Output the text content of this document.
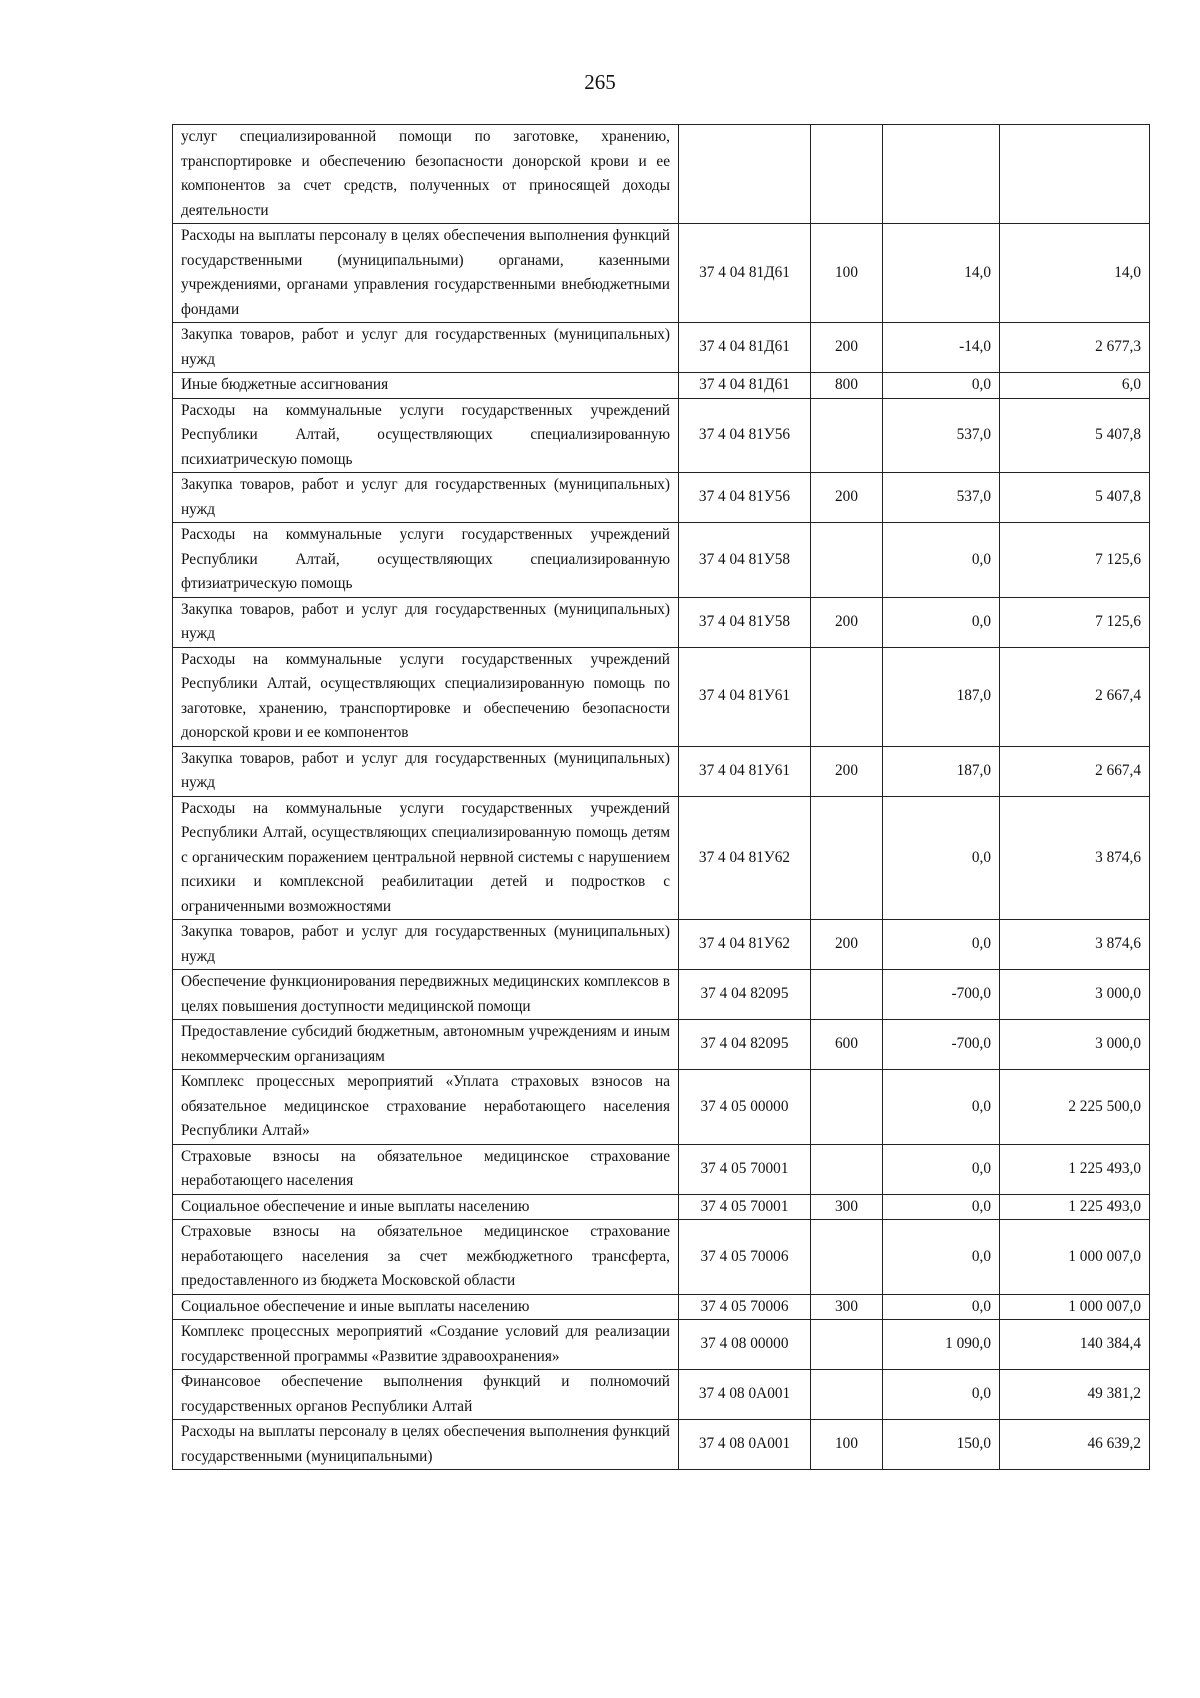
265
услуг специализированной помощи по заготовке, хранению, транспортировке и обеспечению безопасности донорской крови и ее компонентов за счет средств, полученных от приносящей доходы деятельности				
Расходы на выплаты персоналу в целях обеспечения выполнения функций государственными (муниципальными) органами, казенными учреждениями, органами управления государственными внебюджетными фондами	37 4 04 81Д61	100	14,0	14,0
Закупка товаров, работ и услуг для государственных (муниципальных) нужд	37 4 04 81Д61	200	-14,0	2 677,3
Иные бюджетные ассигнования	37 4 04 81Д61	800	0,0	6,0
Расходы на коммунальные услуги государственных учреждений Республики Алтай, осуществляющих специализированную психиатрическую помощь	37 4 04 81У56		537,0	5 407,8
Закупка товаров, работ и услуг для государственных (муниципальных) нужд	37 4 04 81У56	200	537,0	5 407,8
Расходы на коммунальные услуги государственных учреждений Республики Алтай, осуществляющих специализированную фтизиатрическую помощь	37 4 04 81У58		0,0	7 125,6
Закупка товаров, работ и услуг для государственных (муниципальных) нужд	37 4 04 81У58	200	0,0	7 125,6
Расходы на коммунальные услуги государственных учреждений Республики Алтай, осуществляющих специализированную помощь по заготовке, хранению, транспортировке и обеспечению безопасности донорской крови и ее компонентов	37 4 04 81У61		187,0	2 667,4
Закупка товаров, работ и услуг для государственных (муниципальных) нужд	37 4 04 81У61	200	187,0	2 667,4
Расходы на коммунальные услуги государственных учреждений Республики Алтай, осуществляющих специализированную помощь детям с органическим поражением центральной нервной системы с нарушением психики и комплексной реабилитации детей и подростков с ограниченными возможностями	37 4 04 81У62		0,0	3 874,6
Закупка товаров, работ и услуг для государственных (муниципальных) нужд	37 4 04 81У62	200	0,0	3 874,6
Обеспечение функционирования передвижных медицинских комплексов в целях повышения доступности медицинской помощи	37 4 04 82095		-700,0	3 000,0
Предоставление субсидий бюджетным, автономным учреждениям и иным некоммерческим организациям	37 4 04 82095	600	-700,0	3 000,0
Комплекс процессных мероприятий «Уплата страховых взносов на обязательное медицинское страхование неработающего населения Республики Алтай»	37 4 05 00000		0,0	2 225 500,0
Страховые взносы на обязательное медицинское страхование неработающего населения	37 4 05 70001		0,0	1 225 493,0
Социальное обеспечение и иные выплаты населению	37 4 05 70001	300	0,0	1 225 493,0
Страховые взносы на обязательное медицинское страхование неработающего населения за счет межбюджетного трансферта, предоставленного из бюджета Московской области	37 4 05 70006		0,0	1 000 007,0
Социальное обеспечение и иные выплаты населению	37 4 05 70006	300	0,0	1 000 007,0
Комплекс процессных мероприятий «Создание условий для реализации государственной программы «Развитие здравоохранения»	37 4 08 00000		1 090,0	140 384,4
Финансовое обеспечение выполнения функций и полномочий государственных органов Республики Алтай	37 4 08 0А001		0,0	49 381,2
Расходы на выплаты персоналу в целях обеспечения выполнения функций государственными (муниципальными)	37 4 08 0А001	100	150,0	46 639,2
